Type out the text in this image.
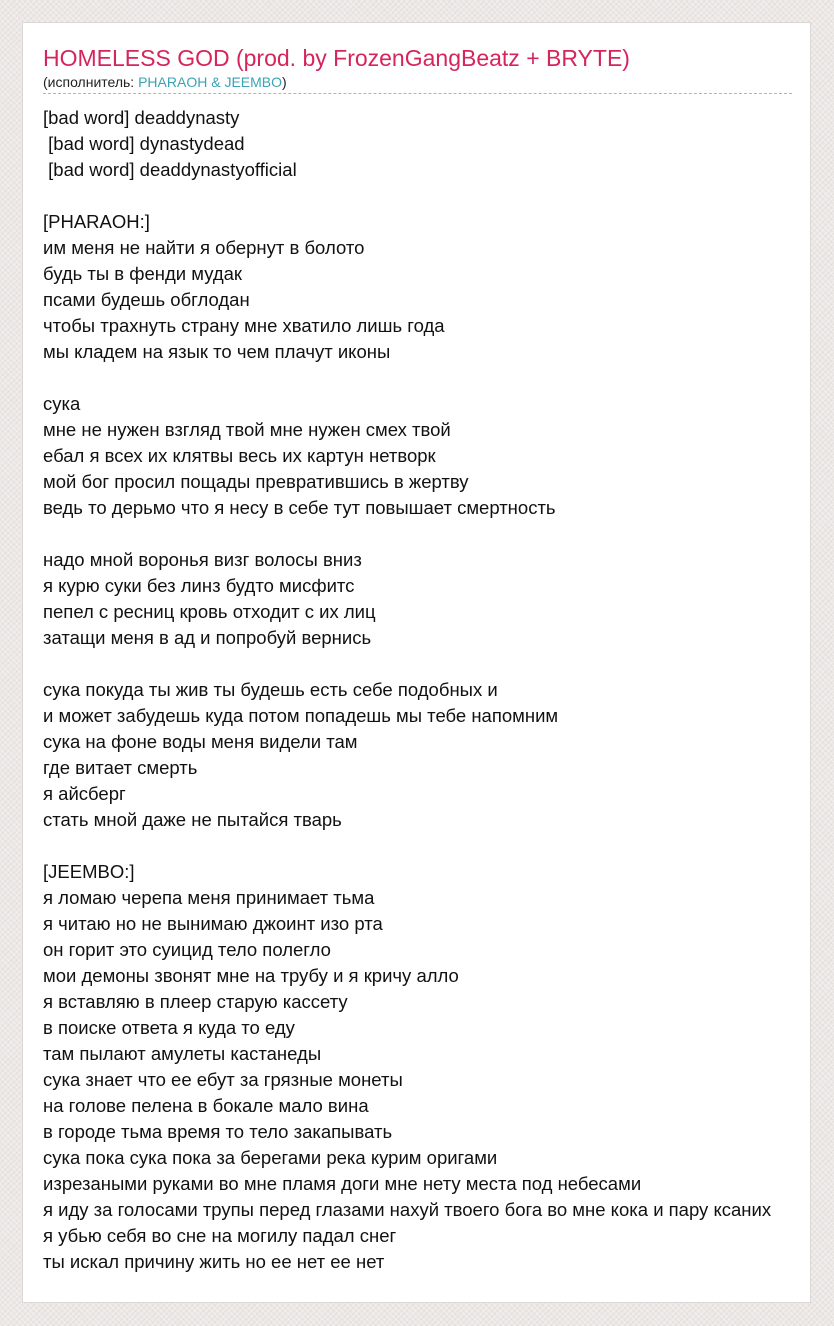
HOMELESS GOD (prod. by FrozenGangBeatz + BRYTE)
(исполнитель: PHARAOH & JEEMBO)
[bad word] deaddynasty
[bad word] dynastydead
[bad word] deaddynastyofficial

[PHARAOH:]
им меня не найти я обернут в болото
будь ты в фенди мудак
псами будешь обглодан
чтобы трахнуть страну мне хватило лишь года
мы кладем на язык то чем плачут иконы

сука
мне не нужен взгляд твой мне нужен смех твой
ебал я всех их клятвы весь их картун нетворк
мой бог просил пощады превратившись в жертву
ведь то дерьмо что я несу в себе тут повышает смертность

надо мной воронья визг волосы вниз
я курю суки без линз будто мисфитс
пепел с ресниц кровь отходит с их лиц
затащи меня в ад и попробуй вернись

сука покуда ты жив ты будешь есть себе подобных и
и может забудешь куда потом попадешь мы тебе напомним
сука на фоне воды меня видели там
где витает смерть
я айсберг
стать мной даже не пытайся тварь

[JEEMBO:]
я ломаю черепа меня принимает тьма
я читаю но не вынимаю джоинт изо рта
он горит это суицид тело полегло
мои демоны звонят мне на трубу и я кричу алло
я вставляю в плеер старую кассету
в поиске ответа я куда то еду
там пылают амулеты кастанеды
сука знает что ее ебут за грязные монеты
на голове пелена в бокале мало вина
в городе тьма время то тело закапывать
сука пока сука пока за берегами река курим оригами
изрезаными руками во мне пламя доги мне нету места под небесами
я иду за голосами трупы перед глазами нахуй твоего бога во мне кока и пару ксаних
я убью себя во сне на могилу падал снег
ты искал причину жить но ее нет ее нет
